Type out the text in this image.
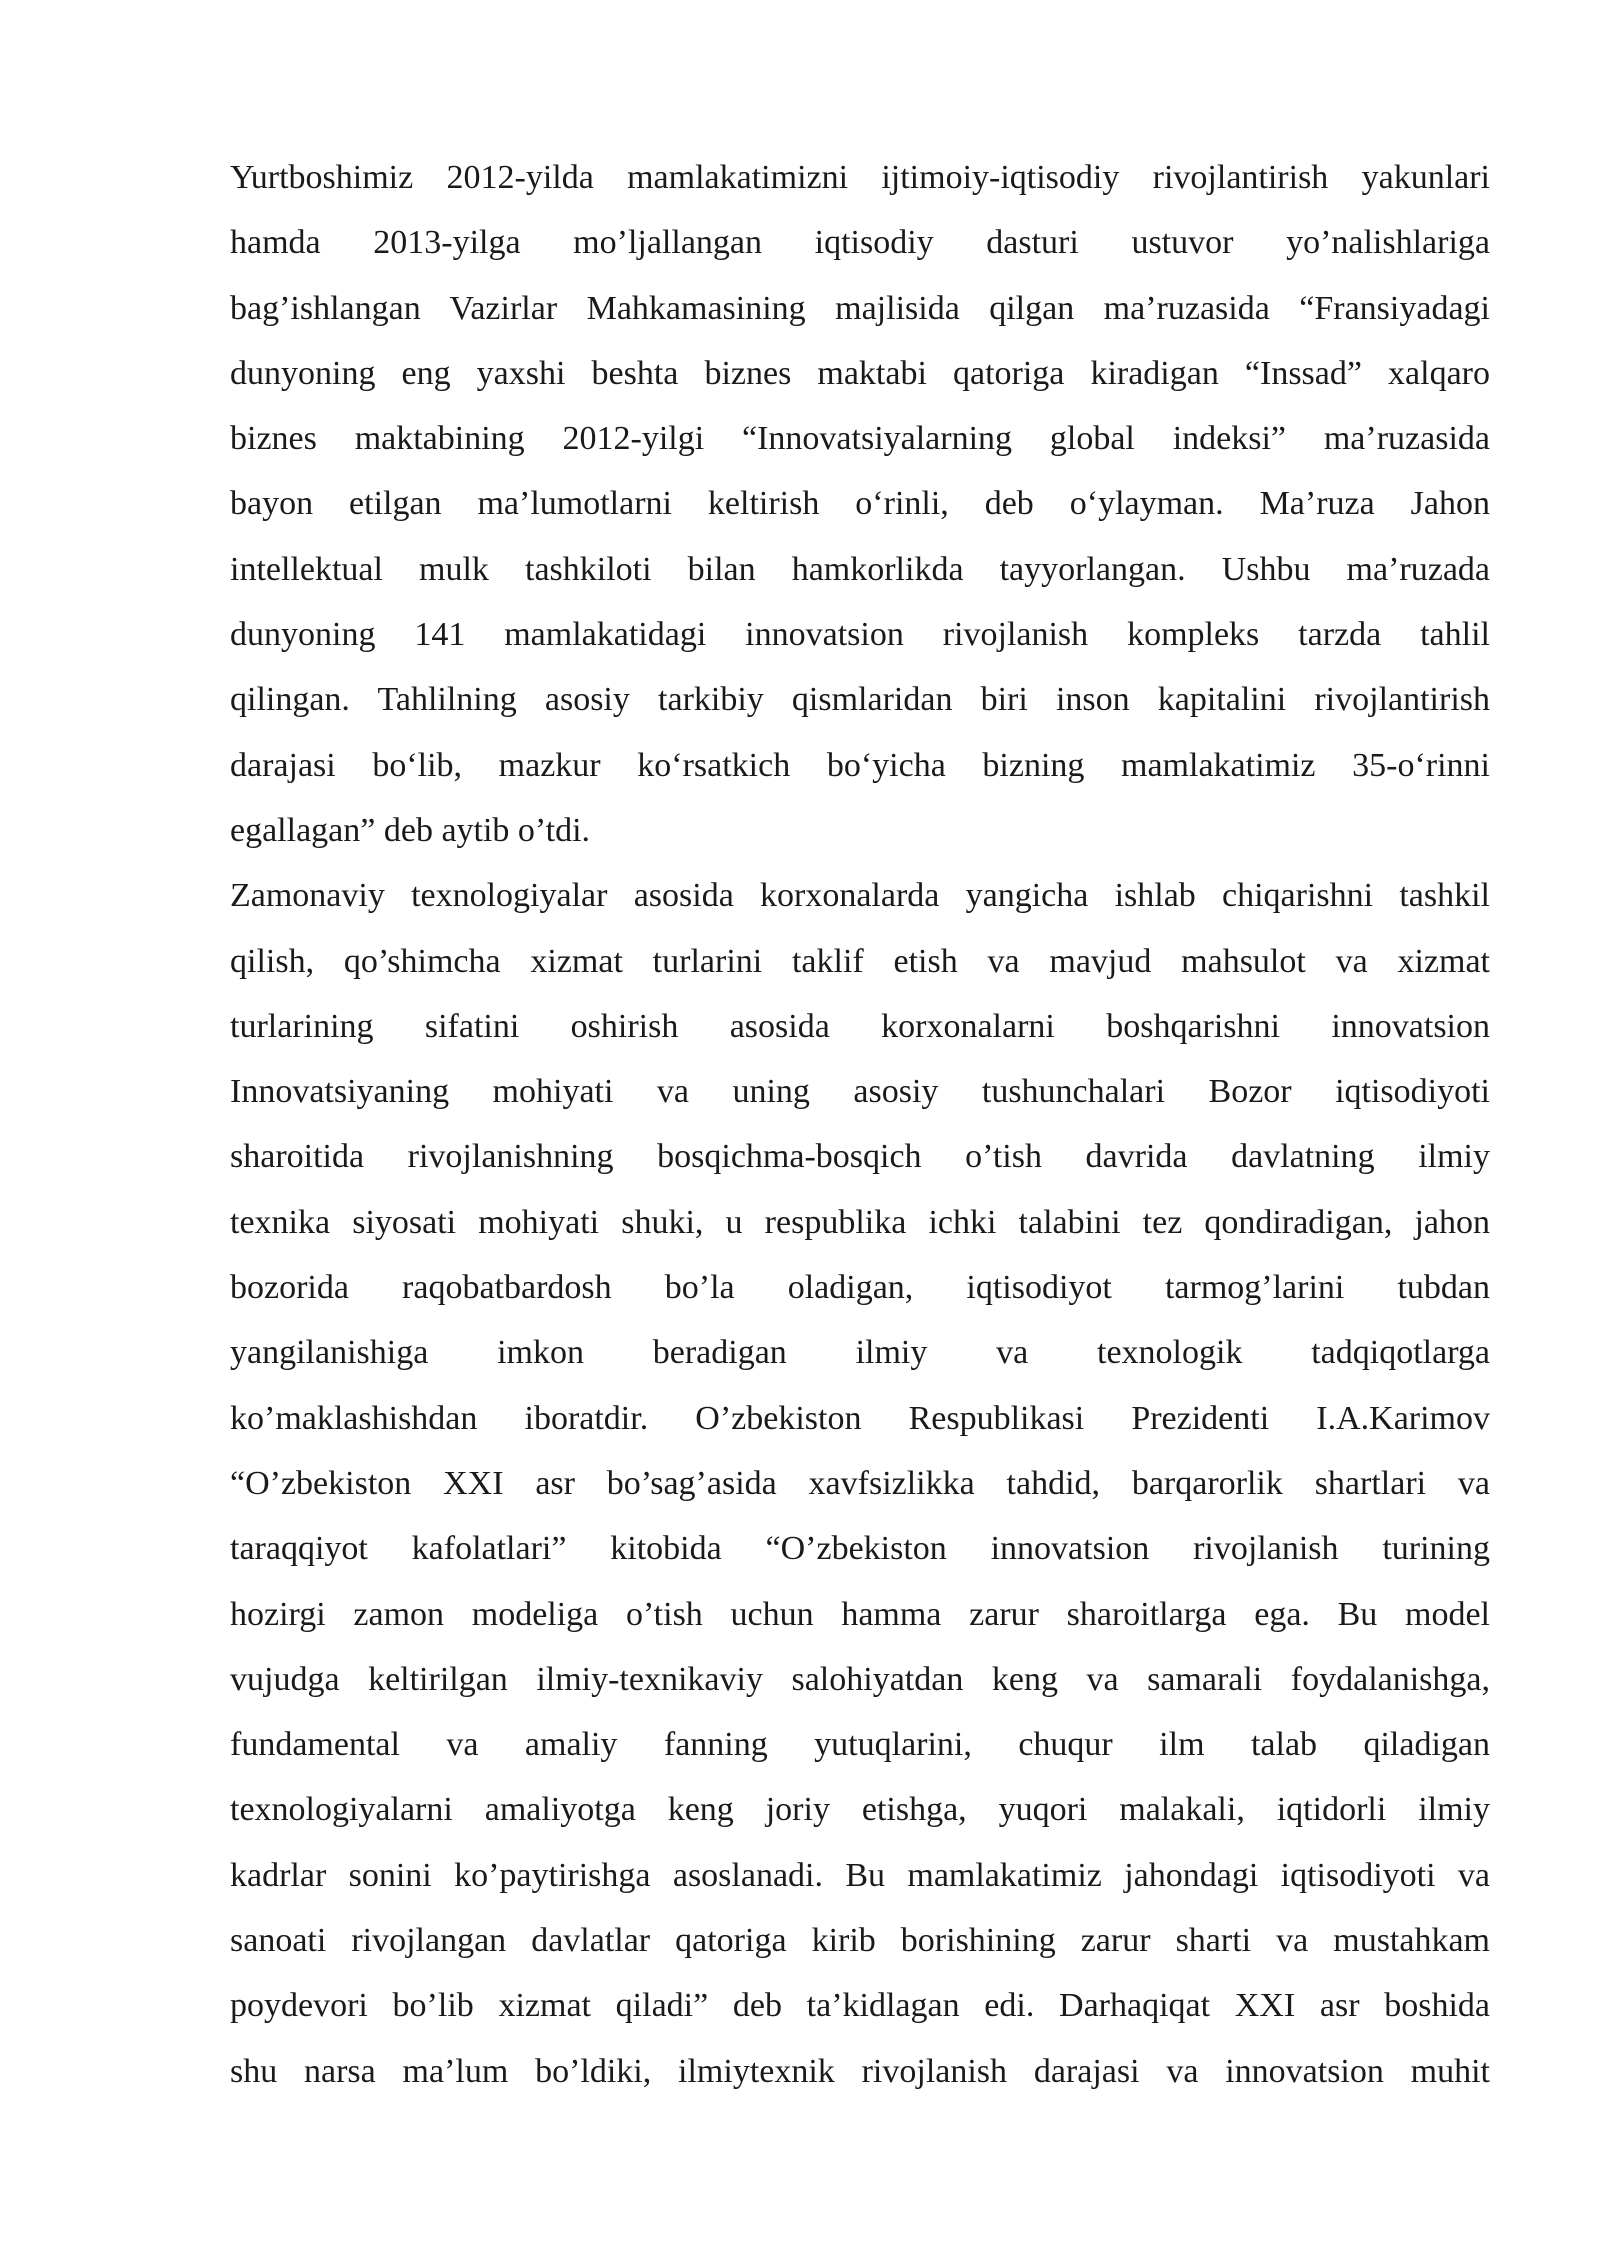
Yurtboshimiz 2012-yilda mamlakatimizni ijtimoiy-iqtisodiy rivojlantirish yakunlari
hamda 2013-yilga mo’ljallangan iqtisodiy dasturi ustuvor yo’nalishlariga
bag’ishlangan Vazirlar Mahkamasining majlisida qilgan ma’ruzasida “Fransiyadagi
dunyoning eng yaxshi beshta biznes maktabi qatoriga kiradigan “Inssad” xalqaro
biznes maktabining 2012-yilgi “Innovatsiyalarning global indeksi” ma’ruzasida
bayon etilgan ma’lumotlarni keltirish o‘rinli, deb o‘ylayman. Ma’ruza Jahon
intellektual mulk tashkiloti bilan hamkorlikda tayyorlangan. Ushbu ma’ruzada
dunyoning 141 mamlakatidagi innovatsion rivojlanish kompleks tarzda tahlil
qilingan. Tahlilning asosiy tarkibiy qismlaridan biri inson kapitalini rivojlantirish
darajasi bo‘lib, mazkur ko‘rsatkich bo‘yicha bizning mamlakatimiz 35-o‘rinni
egallagan” deb aytib o’tdi.
Zamonaviy texnologiyalar asosida korxonalarda yangicha ishlab chiqarishni tashkil
qilish, qo’shimcha xizmat turlarini taklif etish va mavjud mahsulot va xizmat
turlarining sifatini oshirish asosida korxonalarni boshqarishni innovatsion
Innovatsiyaning mohiyati va uning asosiy tushunchalari Bozor iqtisodiyoti
sharoitida rivojlanishning bosqichma-bosqich o’tish davrida davlatning ilmiy
texnika siyosati mohiyati shuki, u respublika ichki talabini tez qondiradigan, jahon
bozorida raqobatbardosh bo’la oladigan, iqtisodiyot tarmog’larini tubdan
yangilanishiga imkon beradigan ilmiy va texnologik tadqiqotlarga
ko’maklashishdan iboratdir. O’zbekiston Respublikasi Prezidenti I.A.Karimov
“O’zbekiston XXI asr bo’sag’asida xavfsizlikka tahdid, barqarorlik shartlari va
taraqqiyot kafolatlari” kitobida “O’zbekiston innovatsion rivojlanish turining
hozirgi zamon modeliga o’tish uchun hamma zarur sharoitlarga ega. Bu model
vujudga keltirilgan ilmiy-texnikaviy salohiyatdan keng va samarali foydalanishga,
fundamental va amaliy fanning yutuqlarini, chuqur ilm talab qiladigan
texnologiyalarni amaliyotga keng joriy etishga, yuqori malakali, iqtidorli ilmiy
kadrlar sonini ko’paytirishga asoslanadi. Bu mamlakatimiz jahondagi iqtisodiyoti va
sanoati rivojlangan davlatlar qatoriga kirib borishining zarur sharti va mustahkam
poydevori bo’lib xizmat qiladi” deb ta’kidlagan edi. Darhaqiqat XXI asr boshida
shu narsa ma’lum bo’ldiki, ilmiytexnik rivojlanish darajasi va innovatsion muhit
